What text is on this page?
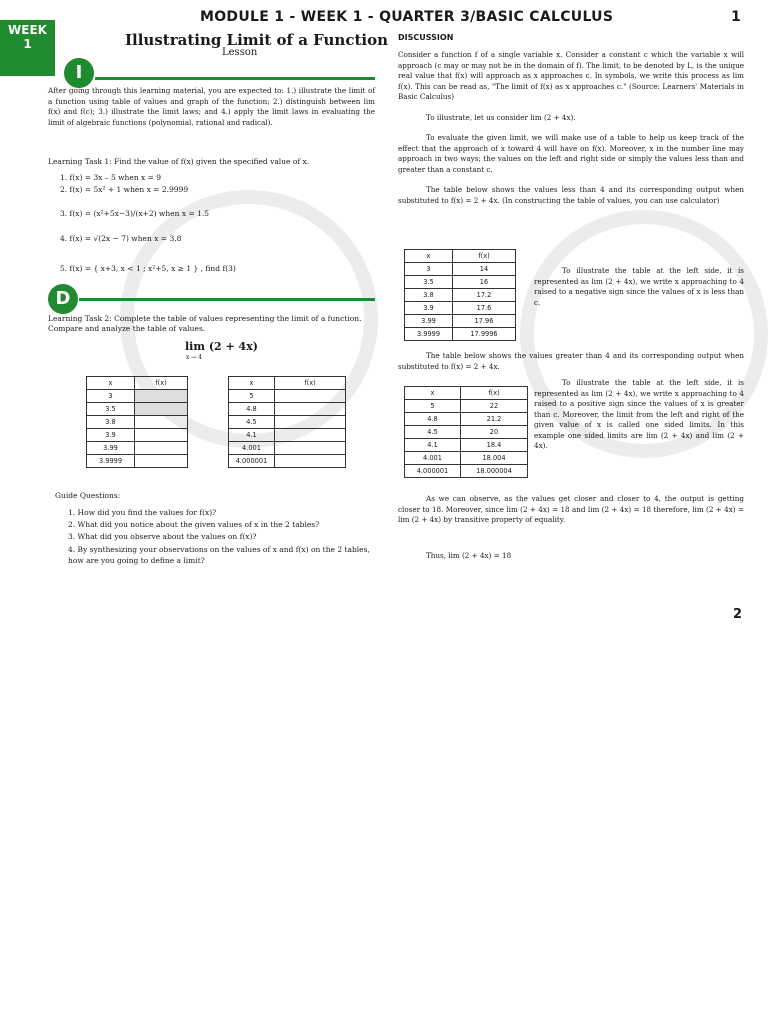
MODULE 1 - WEEK 1 - QUARTER 3/BASIC CALCULUS	1
WEEK
1	Illustrating Limit of a Function
Lesson
I
After going through this learning material, you are expected to: 1.) illustrate the limit of a function using table of values and graph of the function; 2.) distinguish between lim f(x) and f(c); 3.) illustrate the limit laws; and 4.) apply the limit laws in evaluating the limit of algebraic functions (polynomial, rational and radical).
Learning Task 1: Find the value of f(x) given the specified value of x.
1. f(x) = 3x – 5 when x = 9
2. f(x) = 5x² + 1 when x = 2.9999
3. f(x) = (x²+5x−3)/(x+2) when x = 1.5
4. f(x) = √(2x − 7) when x = 3.8
5. f(x) = { x+3, x < 1 ; x²+5, x ≥ 1 } , find f(3)
D
Learning Task 2: Complete the table of values representing the limit of a function. Compare and analyze the table of values.
lim (2 + 4x)
x → 4
x	f(x)
3	
3.5	
3.8	
3.9	
3.99	
3.9999	
x	f(x)
5	
4.8	
4.5	
4.1	
4.001	
4.000001	
Guide Questions:
1. How did you find the values for f(x)?
2. What did you notice about the given values of x in the 2 tables?
3. What did you observe about the values on f(x)?
4. By synthesizing your observations on the values of x and f(x) on the 2 tables, how are you going to define a limit?
DISCUSSION
Consider a function f of a single variable x. Consider a constant c which the variable x will approach (c may or may not be in the domain of f). The limit, to be denoted by L, is the unique real value that f(x) will approach as x approaches c. In symbols, we write this process as lim f(x). This can be read as, "The limit of f(x) as x approaches c." (Source: Learners' Materials in Basic Calculus)
To illustrate, let us consider lim (2 + 4x).
To evaluate the given limit, we will make use of a table to help us keep track of the effect that the approach of x toward 4 will have on f(x). Moreover, x in the number line may approach in two ways; the values on the left and right side or simply the values less than and greater than a constant c.
The table below shows the values less than 4 and its corresponding output when substituted to f(x) = 2 + 4x. (In constructing the table of values, you can use calculator)
x	f(x)
3	14
3.5	16
3.8	17.2
3.9	17.6
3.99	17.96
3.9999	17.9996
To illustrate the table at the left side, it is represented as lim (2 + 4x), we write x approaching to 4 raised to a negative sign since the values of x is less than c.
The table below shows the values greater than 4 and its corresponding output when substituted to f(x) = 2 + 4x.
x	f(x)
5	22
4.8	21.2
4.5	20
4.1	18.4
4.001	18.004
4.000001	18.000004
To illustrate the table at the left side, it is represented as lim (2 + 4x), we write x approaching to 4 raised to a positive sign since the values of x is greater than c. Moreover, the limit from the left and right of the given value of x is called one sided limits. In this example one sided limits are lim (2 + 4x) and lim (2 + 4x).
As we can observe, as the values get closer and closer to 4, the output is getting closer to 18. Moreover, since lim (2 + 4x) = 18 and lim (2 + 4x) = 18 therefore, lim (2 + 4x) = lim (2 + 4x) by transitive property of equality.
Thus, lim (2 + 4x) = 18
2
